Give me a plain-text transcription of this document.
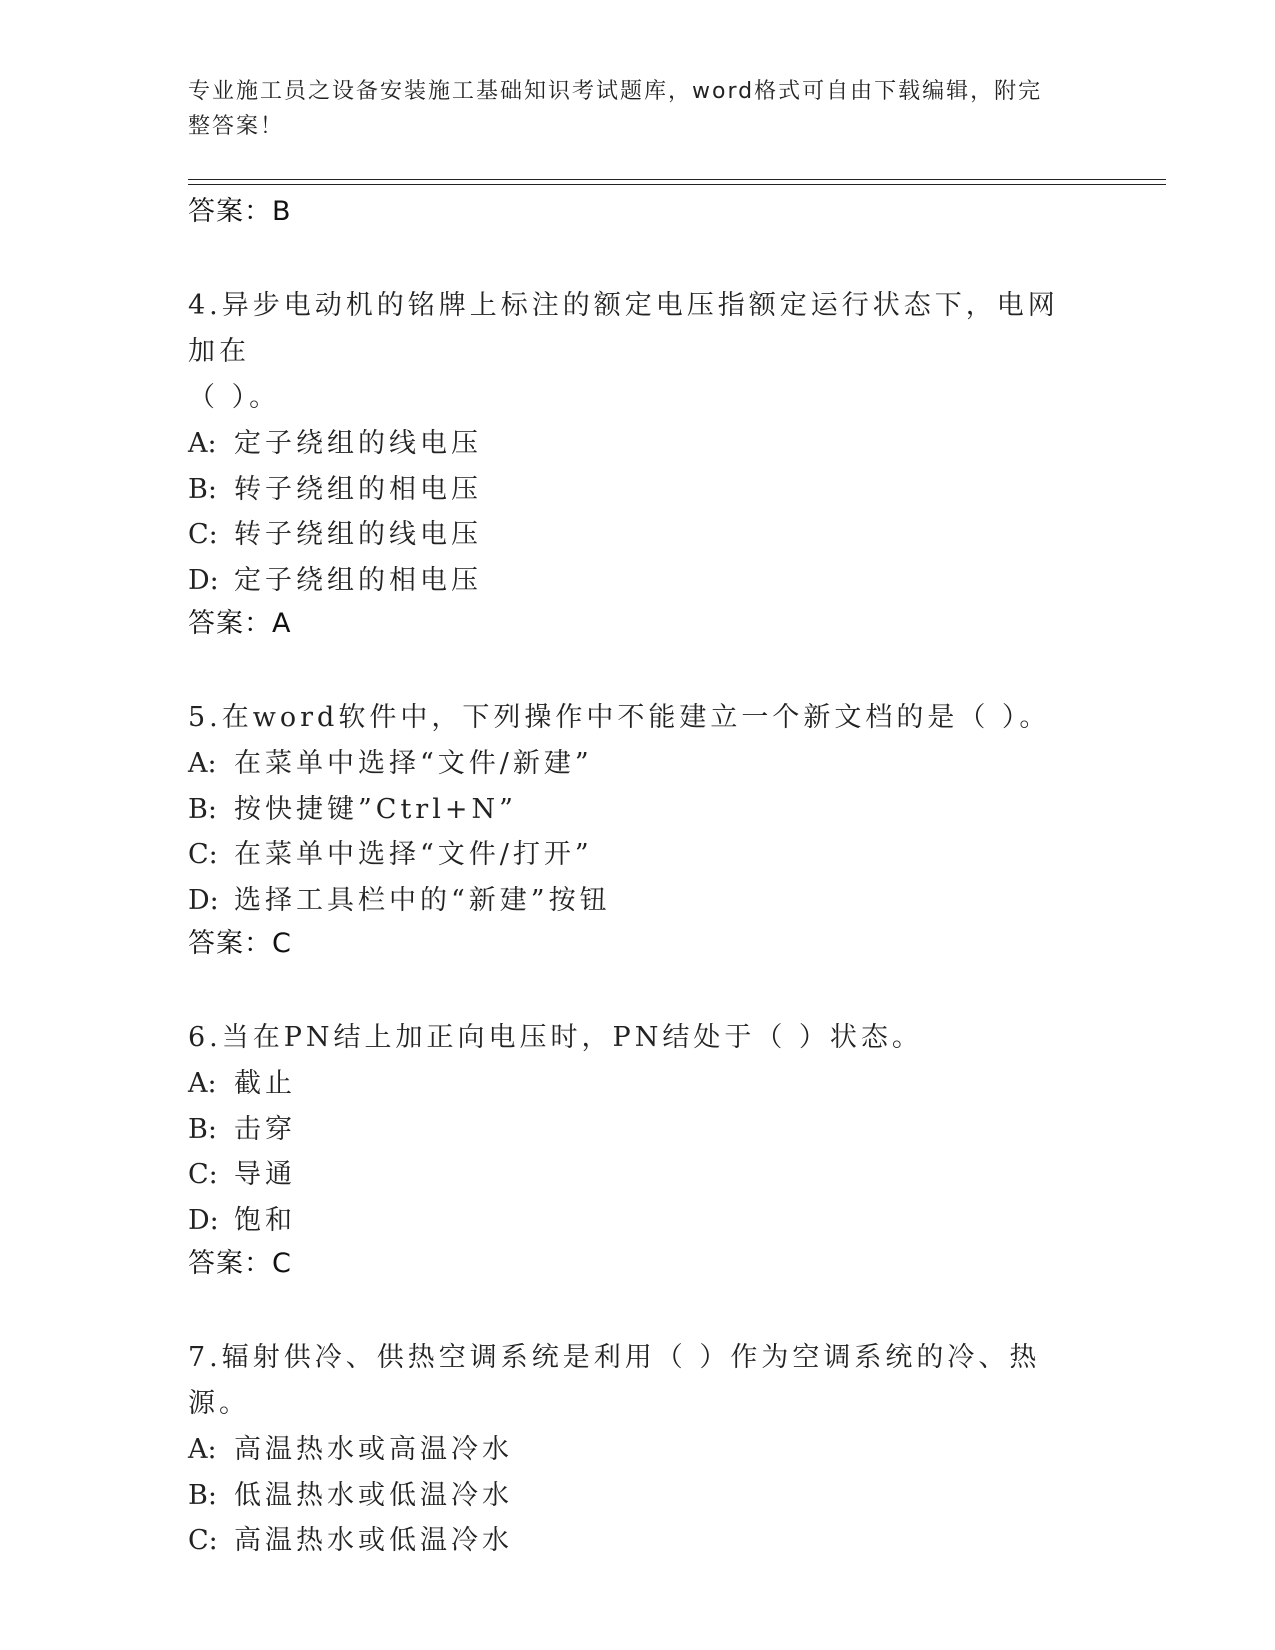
专业施工员之设备安装施工基础知识考试题库，word格式可自由下载编辑，附完
整答案！
答案：B
4.异步电动机的铭牌上标注的额定电压指额定运行状态下，电网加在
（ ）。
A: 定子绕组的线电压
B: 转子绕组的相电压
C: 转子绕组的线电压
D: 定子绕组的相电压
答案：A
5.在word软件中，下列操作中不能建立一个新文档的是（ ）。
A: 在菜单中选择“文件/新建”
B: 按快捷键”Ctrl+N”
C: 在菜单中选择“文件/打开”
D: 选择工具栏中的“新建”按钮
答案：C
6.当在PN结上加正向电压时，PN结处于（ ）状态。
A: 截止
B: 击穿
C: 导通
D: 饱和
答案：C
7.辐射供冷、供热空调系统是利用（ ）作为空调系统的冷、热源。
A: 高温热水或高温冷水
B: 低温热水或低温冷水
C: 高温热水或低温冷水
